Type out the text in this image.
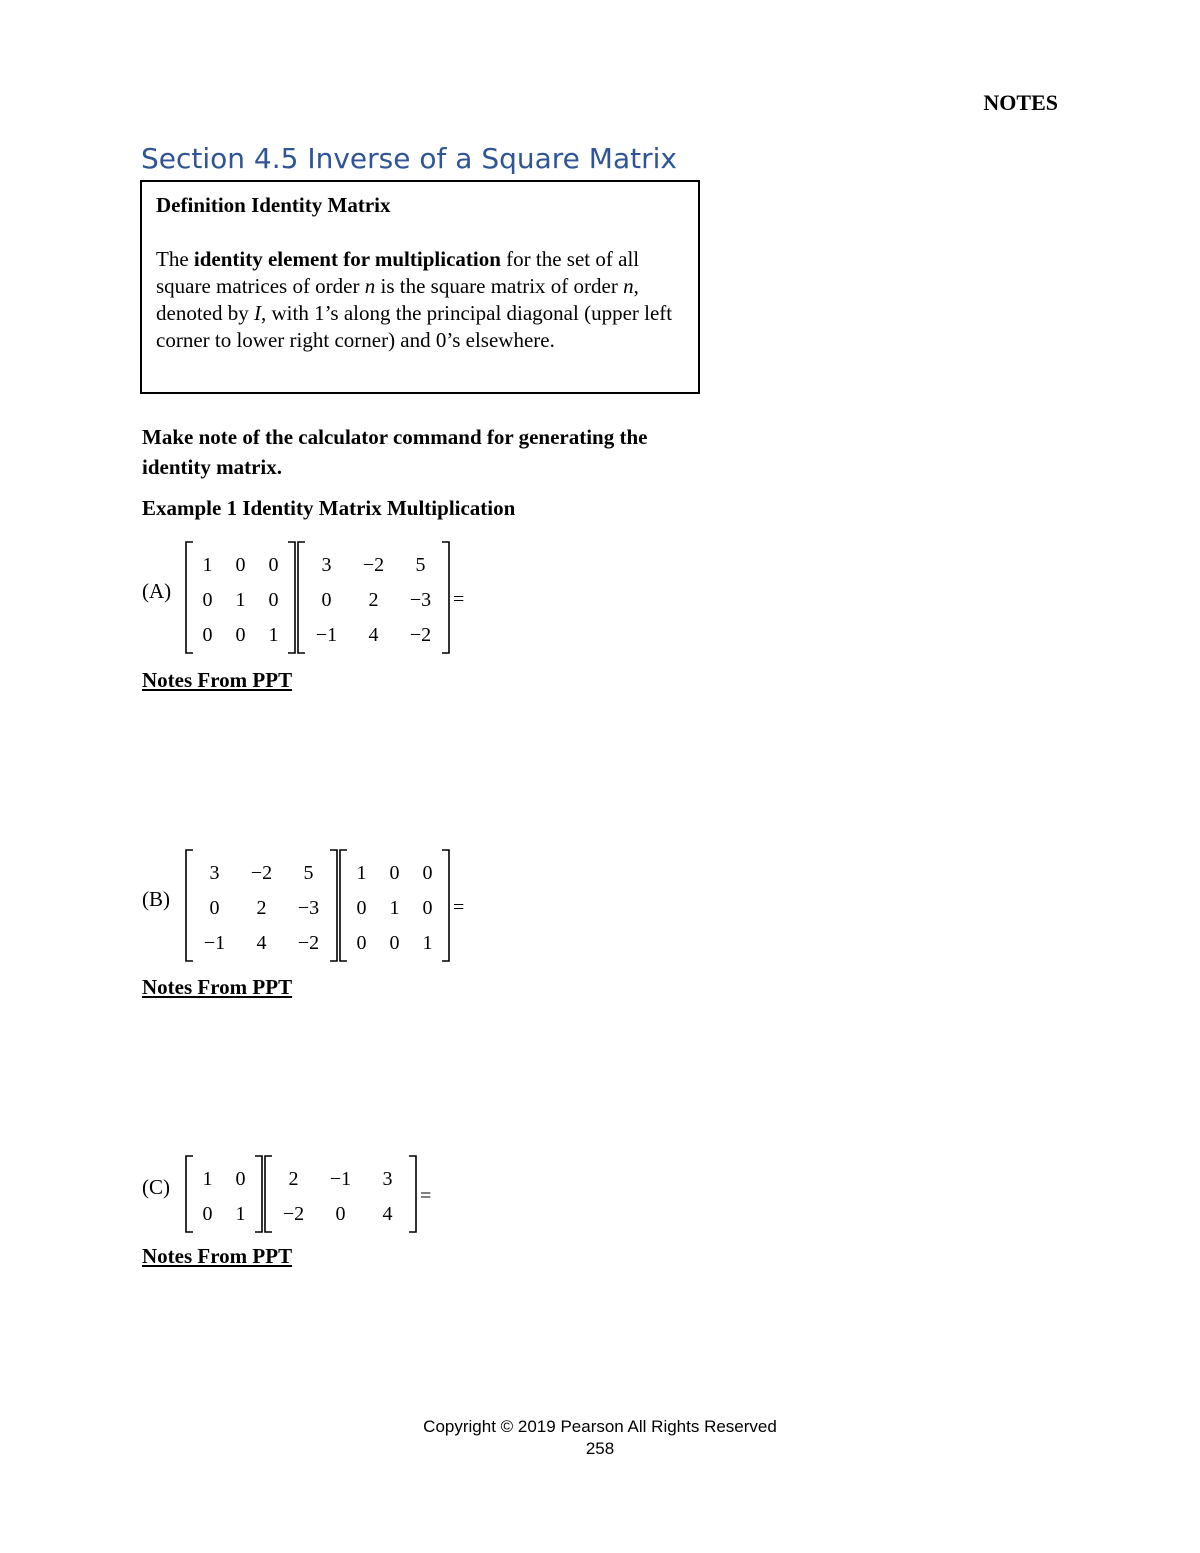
NOTES
Section 4.5 Inverse of a Square Matrix
Definition Identity Matrix
The identity element for multiplication for the set of all square matrices of order n is the square matrix of order n, denoted by I, with 1’s along the principal diagonal (upper left corner to lower right corner) and 0’s elsewhere.
Make note of the calculator command for generating the identity matrix.
Example 1 Identity Matrix Multiplication
(A)
1 0 0
0 1 0
0 0 1
3 −2 5
0 2 −3
−1 4 −2
=
Notes From PPT
(B)
3 −2 5
0 2 −3
−1 4 −2
1 0 0
0 1 0
0 0 1
=
Notes From PPT
(C) 1 0
0 1
2 −1 3
−2 0 4
=
Notes From PPT
Copyright © 2019 Pearson All Rights Reserved
258
